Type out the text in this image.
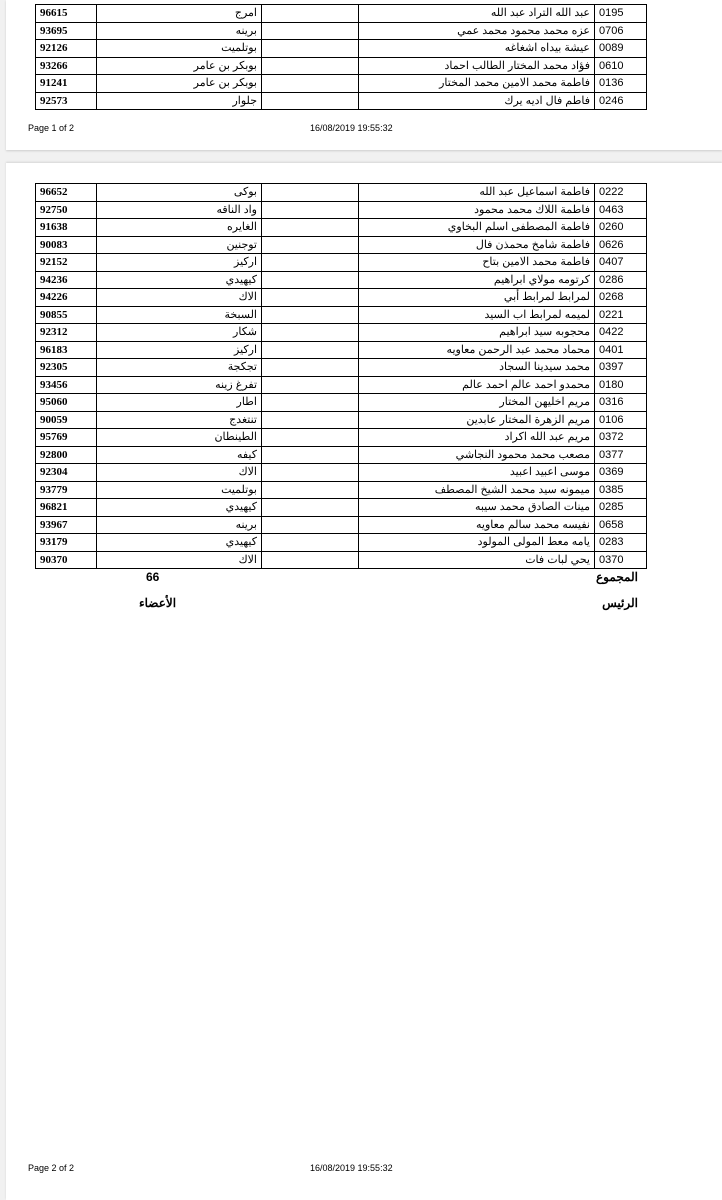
96615	امرج		عبد الله التراد عبد الله	0195
93695	برينه		عزه محمد محمود محمد عمي	0706
92126	بوتلميت		عيشة بيداه اشغاغه	0089
93266	بوبكر بن عامر		فؤاد محمد المختار الطالب احماد	0610
91241	بوبكر بن عامر		فاطمة محمد الامين محمد المختار	0136
92573	جلوار		فاطم فال اديه يرك	0246
Page 1 of 2	16/08/2019 19:55:32
96652	بوكى		فاطمة اسماعيل عبد الله	0222
92750	واد الناقه		فاطمة اللاك محمد محمود	0463
91638	الغايره		فاطمة المصطفى اسلم البخاوي	0260
90083	توجنين		فاطمة شامخ محمذن فال	0626
92152	اركيز		فاطمة محمد الامين بتاح	0407
94236	كيهيدي		كرتومه مولاي ابراهيم	0286
94226	الاك		لمرابط لمرابط أبي	0268
90855	السبخة		لميمه لمرابط اب السيد	0221
92312	شكار		محجوبه سيد ابراهيم	0422
96183	اركيز		محماد محمد عبد الرحمن معاويه	0401
92305	تجكجة		محمد سيدينا السجاد	0397
93456	تفرغ زينه		محمدو احمد عالم احمد عالم	0180
95060	اطار		مريم اخليهن المختار	0316
90059	تنتغدج		مريم الزهرة المختار عابدين	0106
95769	الطينطان		مريم عبد الله اكراد	0372
92800	كيفه		مصعب محمد محمود النجاشي	0377
92304	الاك		موسى اعبيد اعبيد	0369
93779	بوتلميت		ميمونه سيد محمد الشيخ المصطف	0385
96821	كيهيدي		مينات الصادق محمد سيبه	0285
93967	برينه		نفيسه محمد سالم معاويه	0658
93179	كيهيدي		يامه معط المولى المولود	0283
90370	الاك		يحي لبات فات	0370
المجموع
66
الرئيس
الأعضاء
Page 2 of 2	16/08/2019 19:55:32
